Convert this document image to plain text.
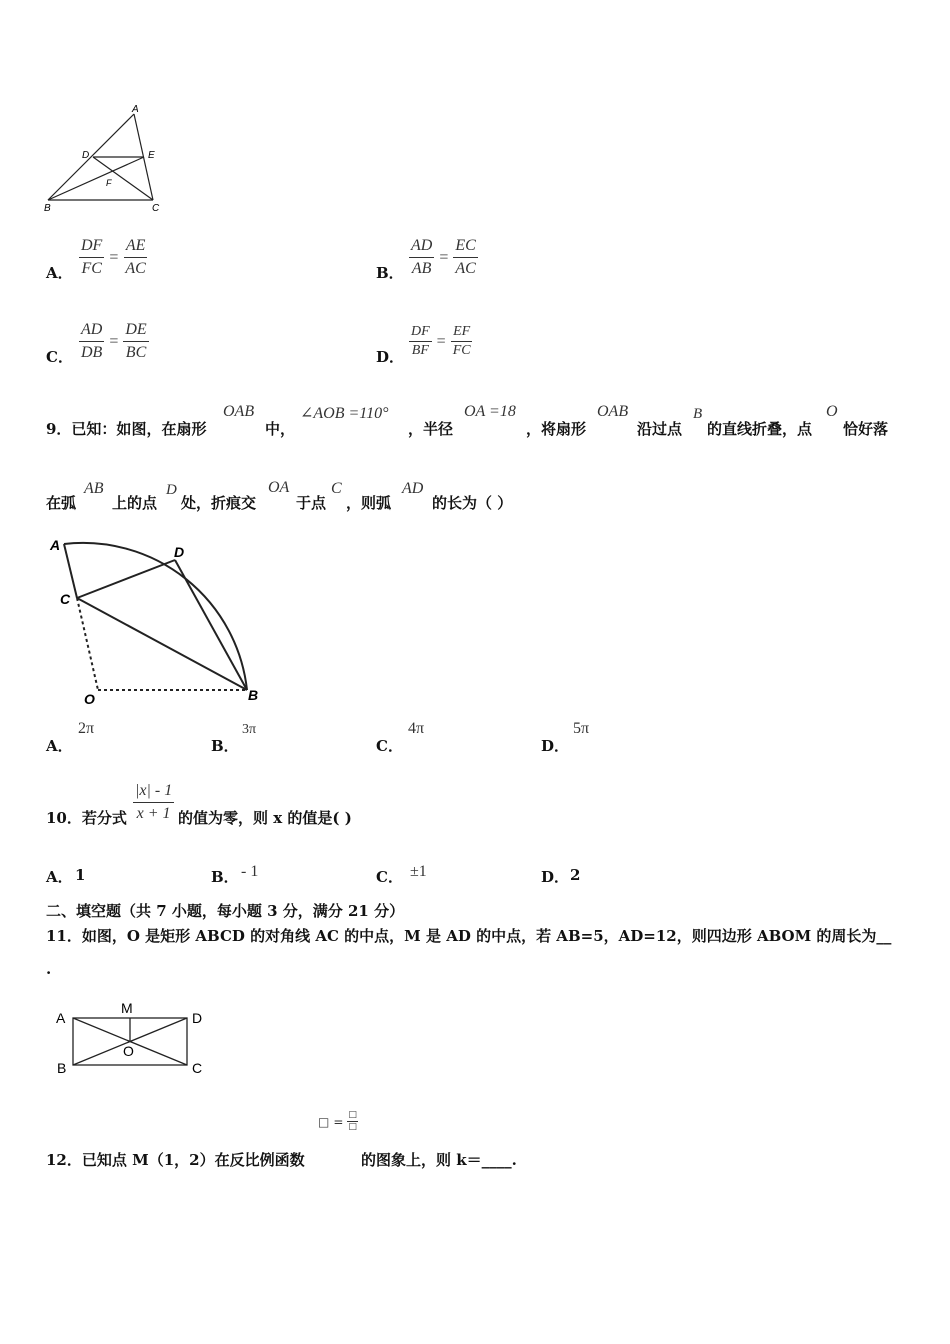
A
D	E
F
B	C
A． $\frac{DF}{FC} = \frac{AE}{AC}$	B． $\frac{AD}{AB} = \frac{EC}{AC}$
C． $\frac{AD}{DB} = \frac{DE}{BC}$	D． $\frac{DF}{BF} = \frac{EF}{FC}$
9．已知：如图，在扇形
OAB
中，
∠AOB =110°
，半径
OA =18
，将扇形
OAB
沿过点
B
的直线折叠，点
O
恰好落
在弧
AB
上的点
D
处，折痕交
OA
于点
C
，则弧
AD
的长为（ ）
A	D
C
O	B
A．
2π
B．
3π
C．
4π
D．
5π
10．若分式 $\frac{|x| - 1}{x + 1}$ 的值为零，则 x 的值是( )
A． 1	B． - 1	C． ±1	D． 2
二、填空题（共 7 小题，每小题 3 分，满分 21 分）
11．如图，O 是矩形 ABCD 的对角线 AC 的中点，M 是 AD 的中点，若 AB=5，AD=12，则四边形 ABOM 的周长为__
.
A
M
D
O
B	C
□ = □
□
12．已知点 M（1，2）在反比例函数	的图象上，则 k＝____.
